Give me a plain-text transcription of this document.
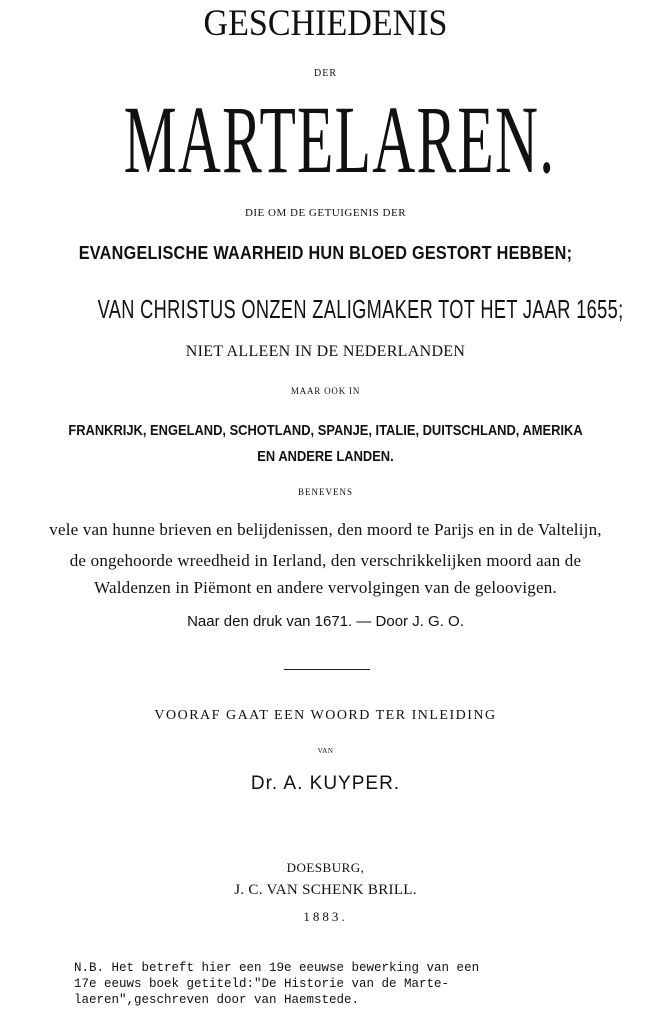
GESCHIEDENIS
DER
MARTELAREN.
DIE OM DE GETUIGENIS DER
EVANGELISCHE WAARHEID HUN BLOED GESTORT HEBBEN;
VAN CHRISTUS ONZEN ZALIGMAKER TOT HET JAAR 1655;
NIET ALLEEN IN DE NEDERLANDEN
MAAR OOK IN
FRANKRIJK, ENGELAND, SCHOTLAND, SPANJE, ITALIE, DUITSCHLAND, AMERIKA
EN ANDERE LANDEN.
BENEVENS
vele van hunne brieven en belijdenissen, den moord te Parijs en in de Valtelijn,
de ongehoorde wreedheid in Ierland, den verschrikkelijken moord aan de
Waldenzen in Piëmont en andere vervolgingen van de geloovigen.
Naar den druk van 1671. — Door J. G. O.
VOORAF GAAT EEN WOORD TER INLEIDING
VAN
Dr. A. KUYPER.
DOESBURG,
J. C. VAN SCHENK BRILL.
1883.
N.B. Het betreft hier een 19e eeuwse bewerking van een
17e eeuws boek getiteld:"De Historie van de Marte-
laeren",geschreven door van Haemstede.
